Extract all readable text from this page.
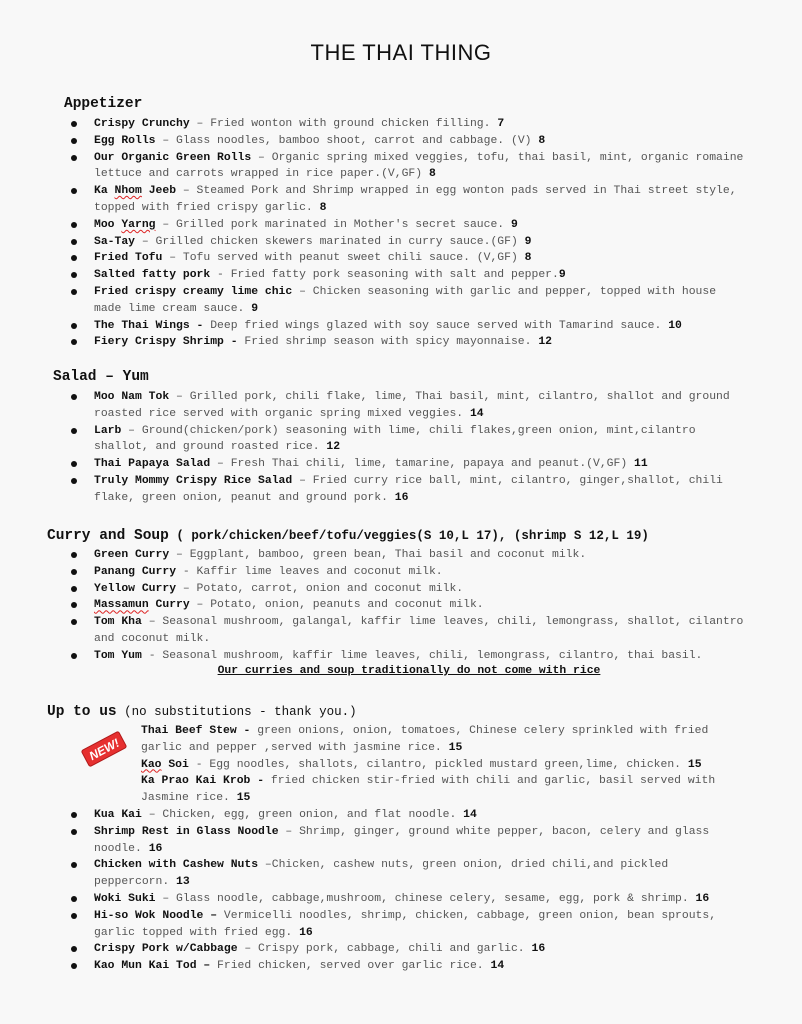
THE THAI THING
Appetizer
Crispy Crunchy – Fried wonton with ground chicken filling. 7
Egg Rolls – Glass noodles, bamboo shoot, carrot and cabbage. (V) 8
Our Organic Green Rolls – Organic spring mixed veggies, tofu, thai basil, mint, organic romaine lettuce and carrots wrapped in rice paper.(V,GF) 8
Ka Nhom Jeeb – Steamed Pork and Shrimp wrapped in egg wonton pads served in Thai street style, topped with fried crispy garlic. 8
Moo Yarng – Grilled pork marinated in Mother's secret sauce. 9
Sa-Tay – Grilled chicken skewers marinated in curry sauce.(GF) 9
Fried Tofu – Tofu served with peanut sweet chili sauce. (V,GF) 8
Salted fatty pork - Fried fatty pork seasoning with salt and pepper.9
Fried crispy creamy lime chic – Chicken seasoning with garlic and pepper, topped with house made lime cream sauce. 9
The Thai Wings - Deep fried wings glazed with soy sauce served with Tamarind sauce. 10
Fiery Crispy Shrimp - Fried shrimp season with spicy mayonnaise. 12
Salad – Yum
Moo Nam Tok – Grilled pork, chili flake, lime, Thai basil, mint, cilantro, shallot and ground roasted rice served with organic spring mixed veggies. 14
Larb – Ground(chicken/pork) seasoning with lime, chili flakes,green onion, mint,cilantro shallot, and ground roasted rice. 12
Thai Papaya Salad – Fresh Thai chili, lime, tamarine, papaya and peanut.(V,GF) 11
Truly Mommy Crispy Rice Salad – Fried curry rice ball, mint, cilantro, ginger,shallot, chili flake, green onion, peanut and ground pork. 16
Curry and Soup ( pork/chicken/beef/tofu/veggies(S 10,L 17), (shrimp S 12,L 19)
Green Curry – Eggplant, bamboo, green bean, Thai basil and coconut milk.
Panang Curry - Kaffir lime leaves and coconut milk.
Yellow Curry – Potato, carrot, onion and coconut milk.
Massamun Curry – Potato, onion, peanuts and coconut milk.
Tom Kha – Seasonal mushroom, galangal, kaffir lime leaves, chili, lemongrass, shallot, cilantro and coconut milk.
Tom Yum - Seasonal mushroom, kaffir lime leaves, chili, lemongrass, cilantro, thai basil.
Our curries and soup traditionally do not come with rice
Up to us (no substitutions - thank you.)
NEW!
Thai Beef Stew - green onions, onion, tomatoes, Chinese celery sprinkled with fried garlic and pepper ,served with jasmine rice. 15
Kao Soi - Egg noodles, shallots, cilantro, pickled mustard green,lime, chicken. 15
Ka Prao Kai Krob - fried chicken stir-fried with chili and garlic, basil served with Jasmine rice. 15
Kua Kai – Chicken, egg, green onion, and flat noodle. 14
Shrimp Rest in Glass Noodle – Shrimp, ginger, ground white pepper, bacon, celery and glass noodle. 16
Chicken with Cashew Nuts –Chicken, cashew nuts, green onion, dried chili,and pickled peppercorn. 13
Woki Suki – Glass noodle, cabbage,mushroom, chinese celery, sesame, egg, pork & shrimp. 16
Hi-so Wok Noodle – Vermicelli noodles, shrimp, chicken, cabbage, green onion, bean sprouts, garlic topped with fried egg. 16
Crispy Pork w/Cabbage – Crispy pork, cabbage, chili and garlic. 16
Kao Mun Kai Tod – Fried chicken, served over garlic rice. 14
